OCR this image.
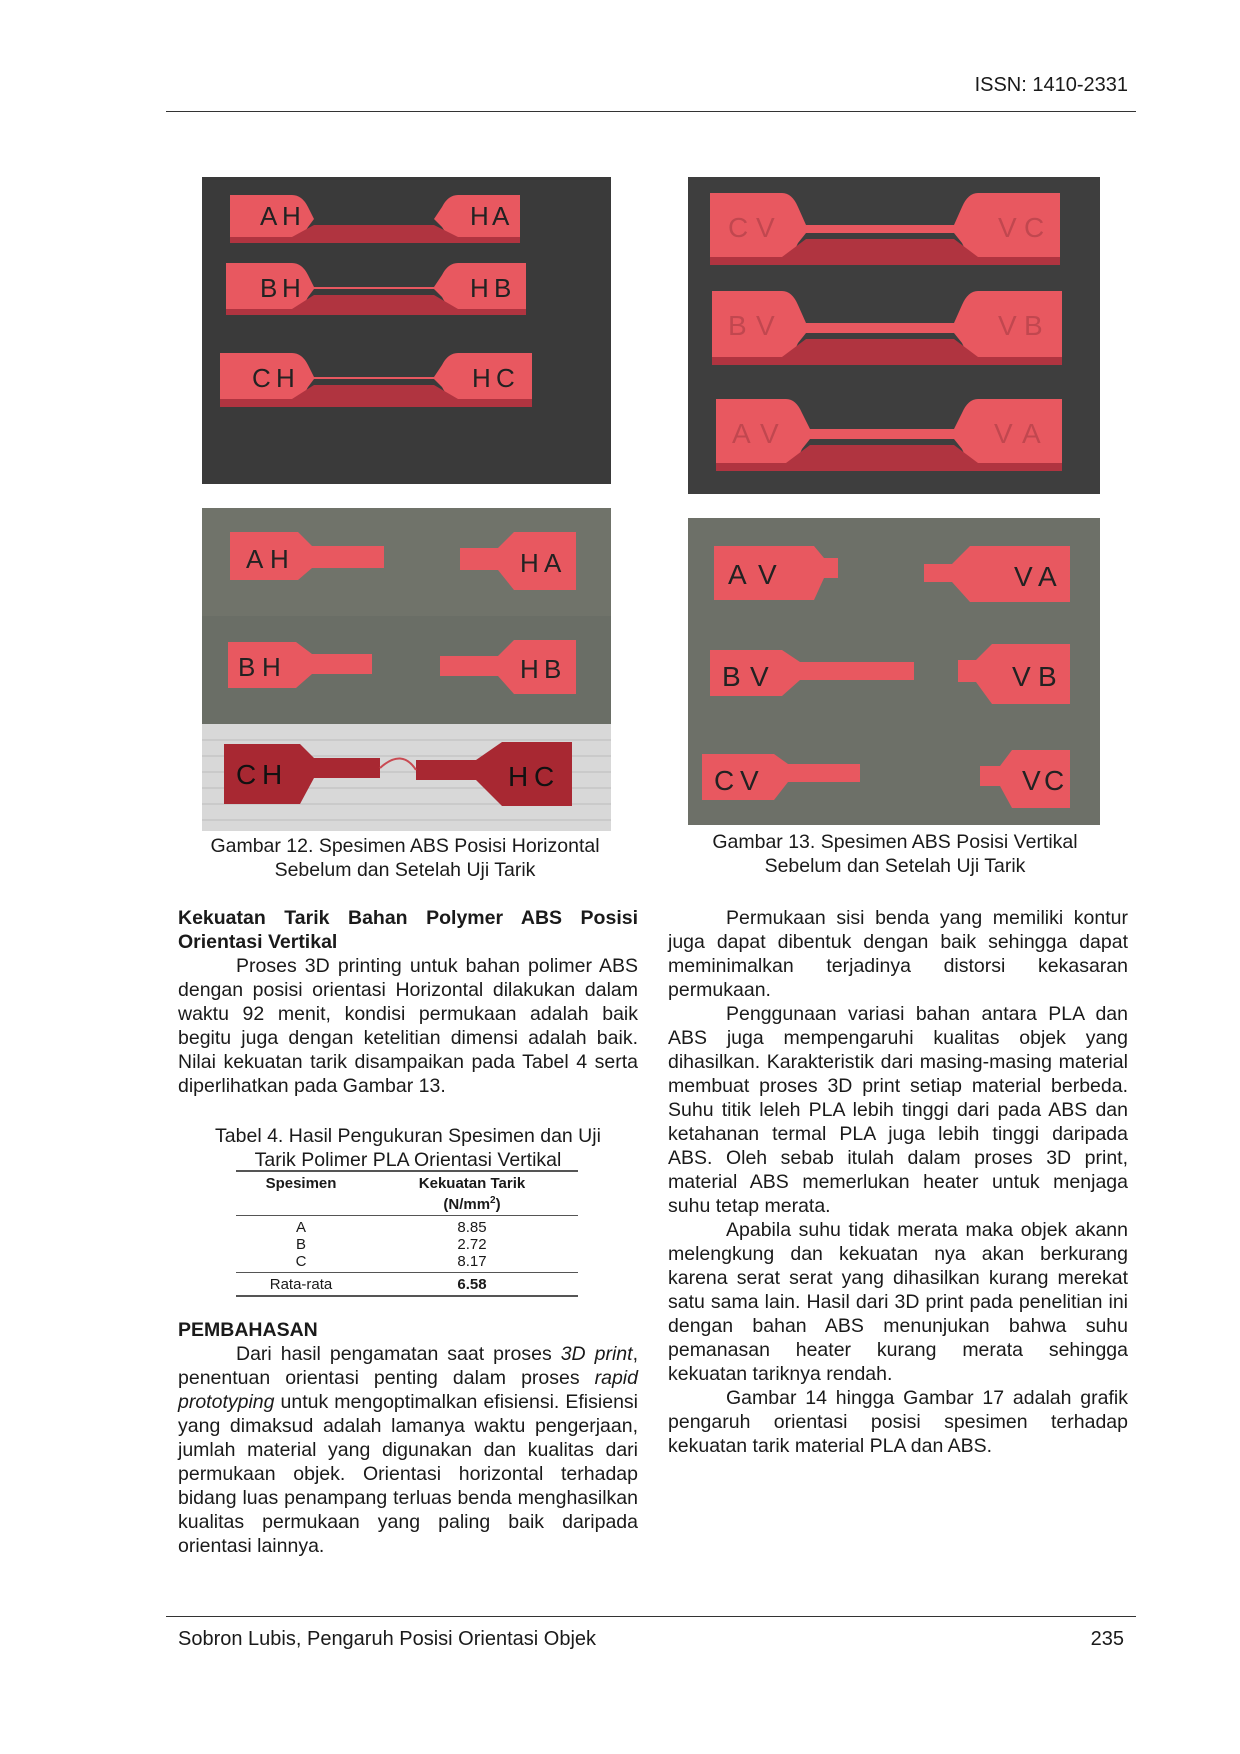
ISSN: 1410-2331
A H	H A
B H	H B
C H	H C
A H	H A
B H	H B
C H	H C
Gambar 12. Spesimen ABS Posisi Horizontal
Sebelum dan Setelah Uji Tarik
C V	V C
B V	V B
A V	V A
A V	V A
B V	V B
C V	V C
Gambar 13. Spesimen ABS Posisi Vertikal
Sebelum dan Setelah Uji Tarik

Kekuatan Tarik Bahan Polymer ABS Posisi Orientasi Vertikal

Proses 3D printing untuk bahan polimer ABS dengan posisi orientasi Horizontal dilakukan dalam waktu 92 menit, kondisi permukaan adalah baik begitu juga dengan ketelitian dimensi adalah baik. Nilai kekuatan tarik disampaikan pada Tabel 4 serta diperlihatkan pada Gambar 13.

Tabel 4. Hasil Pengukuran Spesimen dan Uji
Tarik Polimer PLA Orientasi Vertikal
Spesimen	Kekuatan Tarik
$(N/mm^2)$

A	8.85
B	2.72
C	8.17
Rata-rata	6.58

PEMBAHASAN

Dari hasil pengamatan saat proses 3D print, penentuan orientasi penting dalam proses rapid prototyping untuk mengoptimalkan efisiensi. Efisiensi yang dimaksud adalah lamanya waktu pengerjaan, jumlah material yang digunakan dan kualitas dari permukaan objek. Orientasi horizontal terhadap bidang luas penampang terluas benda menghasilkan kualitas permukaan yang paling baik daripada orientasi lainnya.

Permukaan sisi benda yang memiliki kontur juga dapat dibentuk dengan baik sehingga dapat meminimalkan terjadinya distorsi kekasaran permukaan.

Penggunaan variasi bahan antara PLA dan ABS juga mempengaruhi kualitas objek yang dihasilkan. Karakteristik dari masing-masing material membuat proses 3D print setiap material berbeda. Suhu titik leleh PLA lebih tinggi dari pada ABS dan ketahanan termal PLA juga lebih tinggi daripada ABS. Oleh sebab itulah dalam proses 3D print, material ABS memerlukan heater untuk menjaga suhu tetap merata.

Apabila suhu tidak merata maka objek akann melengkung dan kekuatan nya akan berkurang karena serat serat yang dihasilkan kurang merekat satu sama lain. Hasil dari 3D print pada penelitian ini dengan bahan ABS menunjukan bahwa suhu pemanasan heater kurang merata sehingga kekuatan tariknya rendah.

Gambar 14 hingga Gambar 17 adalah grafik pengaruh orientasi posisi spesimen terhadap kekuatan tarik material PLA dan ABS.

Sobron Lubis, Pengaruh Posisi Orientasi Objek	235
